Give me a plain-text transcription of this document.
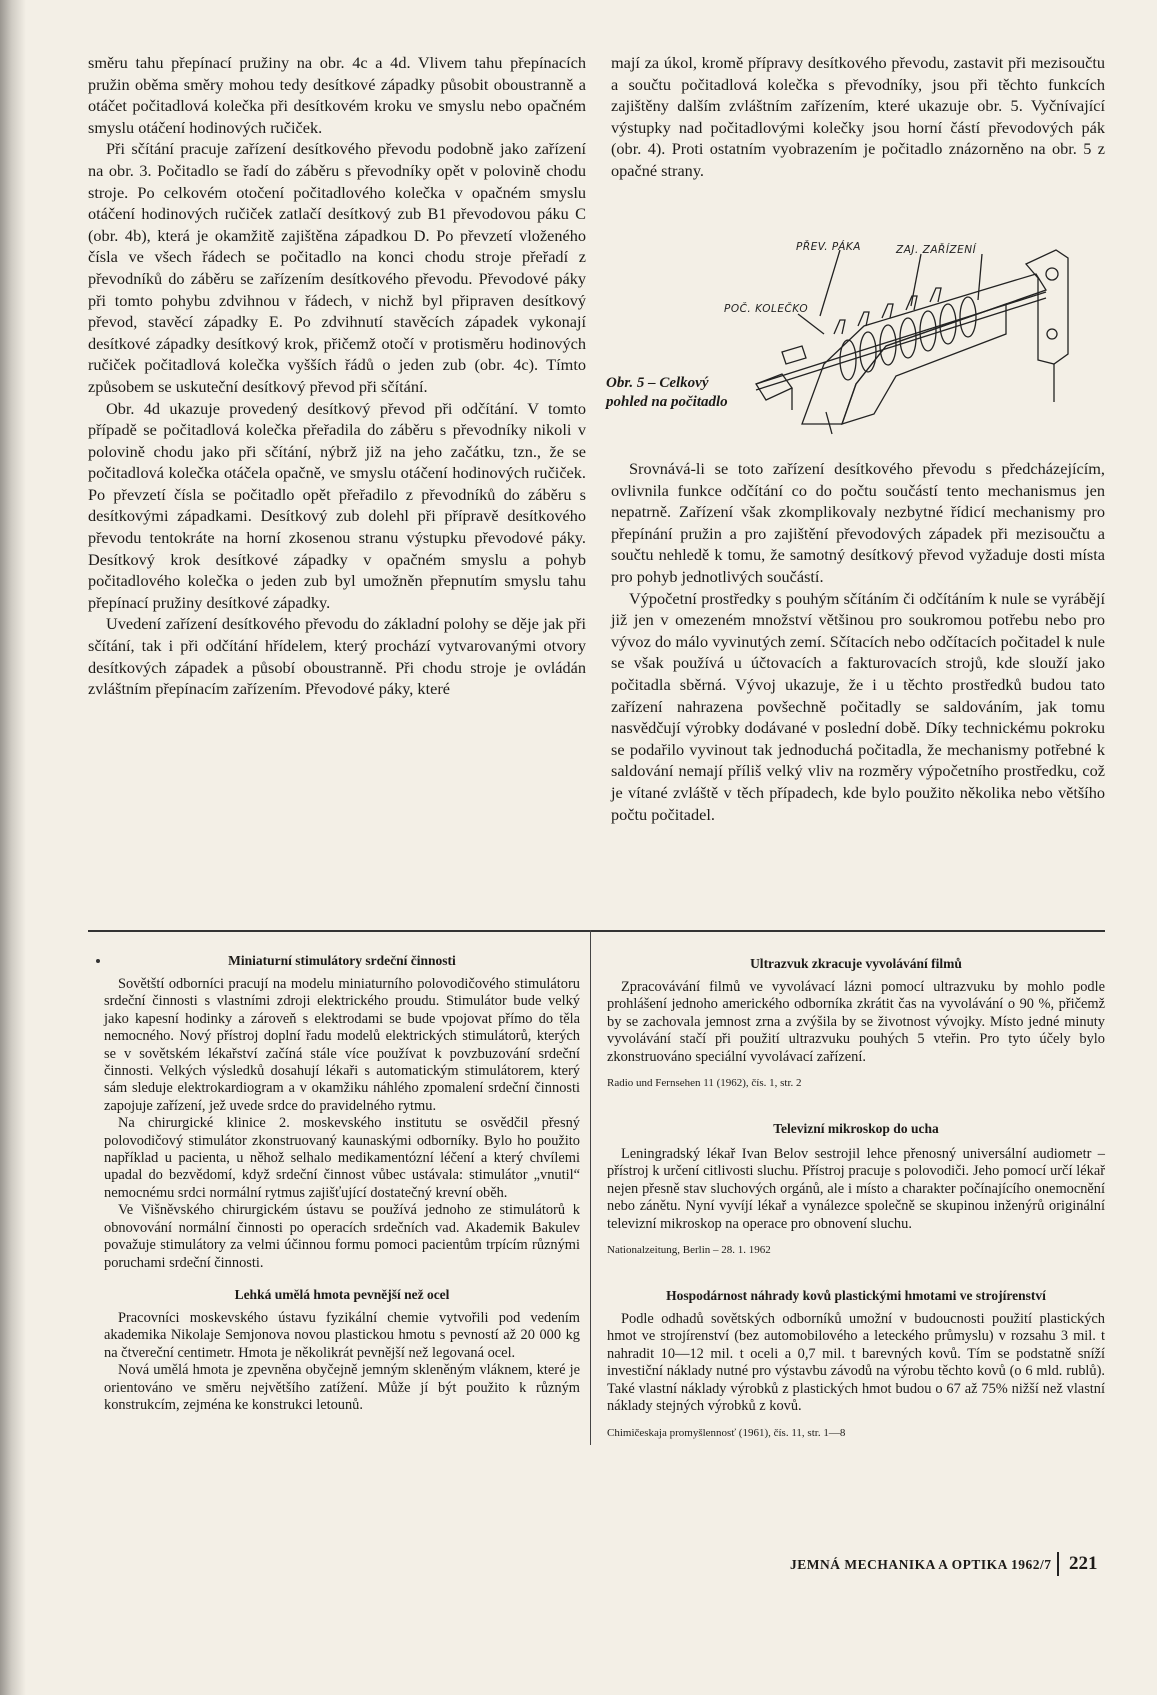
směru tahu přepínací pružiny na obr. 4c a 4d. Vlivem tahu přepínacích pružin oběma směry mohou tedy desítkové západky působit oboustranně a otáčet počitadlová kolečka při desítkovém kroku ve smyslu nebo opačném smyslu otáčení hodinových ručiček.

Při sčítání pracuje zařízení desítkového převodu podobně jako zařízení na obr. 3. Počitadlo se řadí do záběru s převodníky opět v polovině chodu stroje. Po celkovém otočení počitadlového kolečka v opačném smyslu otáčení hodinových ručiček zatlačí desítkový zub B1 převodovou páku C (obr. 4b), která je okamžitě zajištěna západkou D. Po převzetí vloženého čísla ve všech řádech se počitadlo na konci chodu stroje přeřadí z převodníků do záběru se zařízením desítkového převodu. Převodové páky při tomto pohybu zdvihnou v řádech, v nichž byl připraven desítkový převod, stavěcí západky E. Po zdvihnutí stavěcích západek vykonají desítkové západky desítkový krok, přičemž otočí v protisměru hodinových ručiček počitadlová kolečka vyšších řádů o jeden zub (obr. 4c). Tímto způsobem se uskuteční desítkový převod při sčítání.

Obr. 4d ukazuje provedený desítkový převod při odčítání. V tomto případě se počitadlová kolečka přeřadila do záběru s převodníky nikoli v polovině chodu jako při sčítání, nýbrž již na jeho začátku, tzn., že se počitadlová kolečka otáčela opačně, ve smyslu otáčení hodinových ručiček. Po převzetí čísla se počitadlo opět přeřadilo z převodníků do záběru s desítkovými západkami. Desítkový zub dolehl při přípravě desítkového převodu tentokráte na horní zkosenou stranu výstupku převodové páky. Desítkový krok desítkové západky v opačném smyslu a pohyb počitadlového kolečka o jeden zub byl umožněn přepnutím smyslu tahu přepínací pružiny desítkové západky.

Uvedení zařízení desítkového převodu do základní polohy se děje jak při sčítání, tak i při odčítání hřídelem, který prochází vytvarovanými otvory desítkových západek a působí oboustranně. Při chodu stroje je ovládán zvláštním přepínacím zařízením. Převodové páky, které

mají za úkol, kromě přípravy desítkového převodu, zastavit při mezisoučtu a součtu počitadlová kolečka s převodníky, jsou při těchto funkcích zajištěny dalším zvláštním zařízením, které ukazuje obr. 5. Vyčnívající výstupky nad počitadlovými kolečky jsou horní částí převodových pák (obr. 4). Proti ostatním vyobrazením je počitadlo znázorněno na obr. 5 z opačné strany.

PŘEV. PÁKA	ZAJ. ZAŘÍZENÍ
POČ. KOLEČKO
Obr. 5 – Celkový
pohled na počitadlo

Srovnává-li se toto zařízení desítkového převodu s předcházejícím, ovlivnila funkce odčítání co do počtu součástí tento mechanismus jen nepatrně. Zařízení však zkomplikovaly nezbytné řídicí mechanismy pro přepínání pružin a pro zajištění převodových západek při mezisoučtu a součtu nehledě k tomu, že samotný desítkový převod vyžaduje dosti místa pro pohyb jednotlivých součástí.

Výpočetní prostředky s pouhým sčítáním či odčítáním k nule se vyrábějí již jen v omezeném množství většinou pro soukromou potřebu nebo pro vývoz do málo vyvinutých zemí. Sčítacích nebo odčítacích počitadel k nule se však používá u účtovacích a fakturovacích strojů, kde slouží jako počitadla sběrná. Vývoj ukazuje, že i u těchto prostředků budou tato zařízení nahrazena povšechně počitadly se saldováním, jak tomu nasvědčují výrobky dodávané v poslední době. Díky technickému pokroku se podařilo vyvinout tak jednoduchá počitadla, že mechanismy potřebné k saldování nemají příliš velký vliv na rozměry výpočetního prostředku, což je vítané zvláště v těch případech, kde bylo použito několika nebo většího počtu počitadel.

Miniaturní stimulátory srdeční činnosti

Sovětští odborníci pracují na modelu miniaturního polovodičového stimulátoru srdeční činnosti s vlastními zdroji elektrického proudu. Stimulátor bude velký jako kapesní hodinky a zároveň s elektrodami se bude vpojovat přímo do těla nemocného. Nový přístroj doplní řadu modelů elektrických stimulátorů, kterých se v sovětském lékařství začíná stále více používat k povzbuzování srdeční činnosti. Velkých výsledků dosahují lékaři s automatickým stimulátorem, který sám sleduje elektrokardiogram a v okamžiku náhlého zpomalení srdeční činnosti zapojuje zařízení, jež uvede srdce do pravidelného rytmu.

Na chirurgické klinice 2. moskevského institutu se osvědčil přesný polovodičový stimulátor zkonstruovaný kaunaskými odborníky. Bylo ho použito například u pacienta, u něhož selhalo medikamentózní léčení a který chvílemi upadal do bezvědomí, když srdeční činnost vůbec ustávala: stimulátor „vnutil“ nemocnému srdci normální rytmus zajišťující dostatečný krevní oběh.

Ve Višněvského chirurgickém ústavu se používá jednoho ze stimulátorů k obnovování normální činnosti po operacích srdečních vad. Akademik Bakulev považuje stimulátory za velmi účinnou formu pomoci pacientům trpícím různými poruchami srdeční činnosti.

Lehká umělá hmota pevnější než ocel

Pracovníci moskevského ústavu fyzikální chemie vytvořili pod vedením akademika Nikolaje Semjonova novou plastickou hmotu s pevností až 20 000 kg na čtvereční centimetr. Hmota je několikrát pevnější než legovaná ocel.

Nová umělá hmota je zpevněna obyčejně jemným skleněným vláknem, které je orientováno ve směru největšího zatížení. Může jí být použito k různým konstrukcím, zejména ke konstrukci letounů.

Ultrazvuk zkracuje vyvolávání filmů

Zpracovávání filmů ve vyvolávací lázni pomocí ultrazvuku by mohlo podle prohlášení jednoho amerického odborníka zkrátit čas na vyvolávání o 90 %, přičemž by se zachovala jemnost zrna a zvýšila by se životnost vývojky. Místo jedné minuty vyvolávání stačí při použití ultrazvuku pouhých 5 vteřin. Pro tyto účely bylo zkonstruováno speciální vyvolávací zařízení.

Radio und Fernsehen 11 (1962), čís. 1, str. 2

Televizní mikroskop do ucha

Leningradský lékař Ivan Belov sestrojil lehce přenosný universální audiometr – přístroj k určení citlivosti sluchu. Přístroj pracuje s polovodiči. Jeho pomocí určí lékař nejen přesně stav sluchových orgánů, ale i místo a charakter počínajícího onemocnění nebo zánětu. Nyní vyvíjí lékař a vynálezce společně se skupinou inženýrů originální televizní mikroskop na operace pro obnovení sluchu.

Nationalzeitung, Berlin – 28. 1. 1962

Hospodárnost náhrady kovů plastickými hmotami ve strojírenství

Podle odhadů sovětských odborníků umožní v budoucnosti použití plastických hmot ve strojírenství (bez automobilového a leteckého průmyslu) v rozsahu 3 mil. t nahradit 10—12 mil. t oceli a 0,7 mil. t barevných kovů. Tím se podstatně sníží investiční náklady nutné pro výstavbu závodů na výrobu těchto kovů (o 6 mld. rublů). Také vlastní náklady výrobků z plastických hmot budou o 67 až 75% nižší než vlastní náklady stejných výrobků z kovů.

Chimičeskaja promyšlennosť (1961), čís. 11, str. 1—8

JEMNÁ MECHANIKA A OPTIKA 1962/7 221
